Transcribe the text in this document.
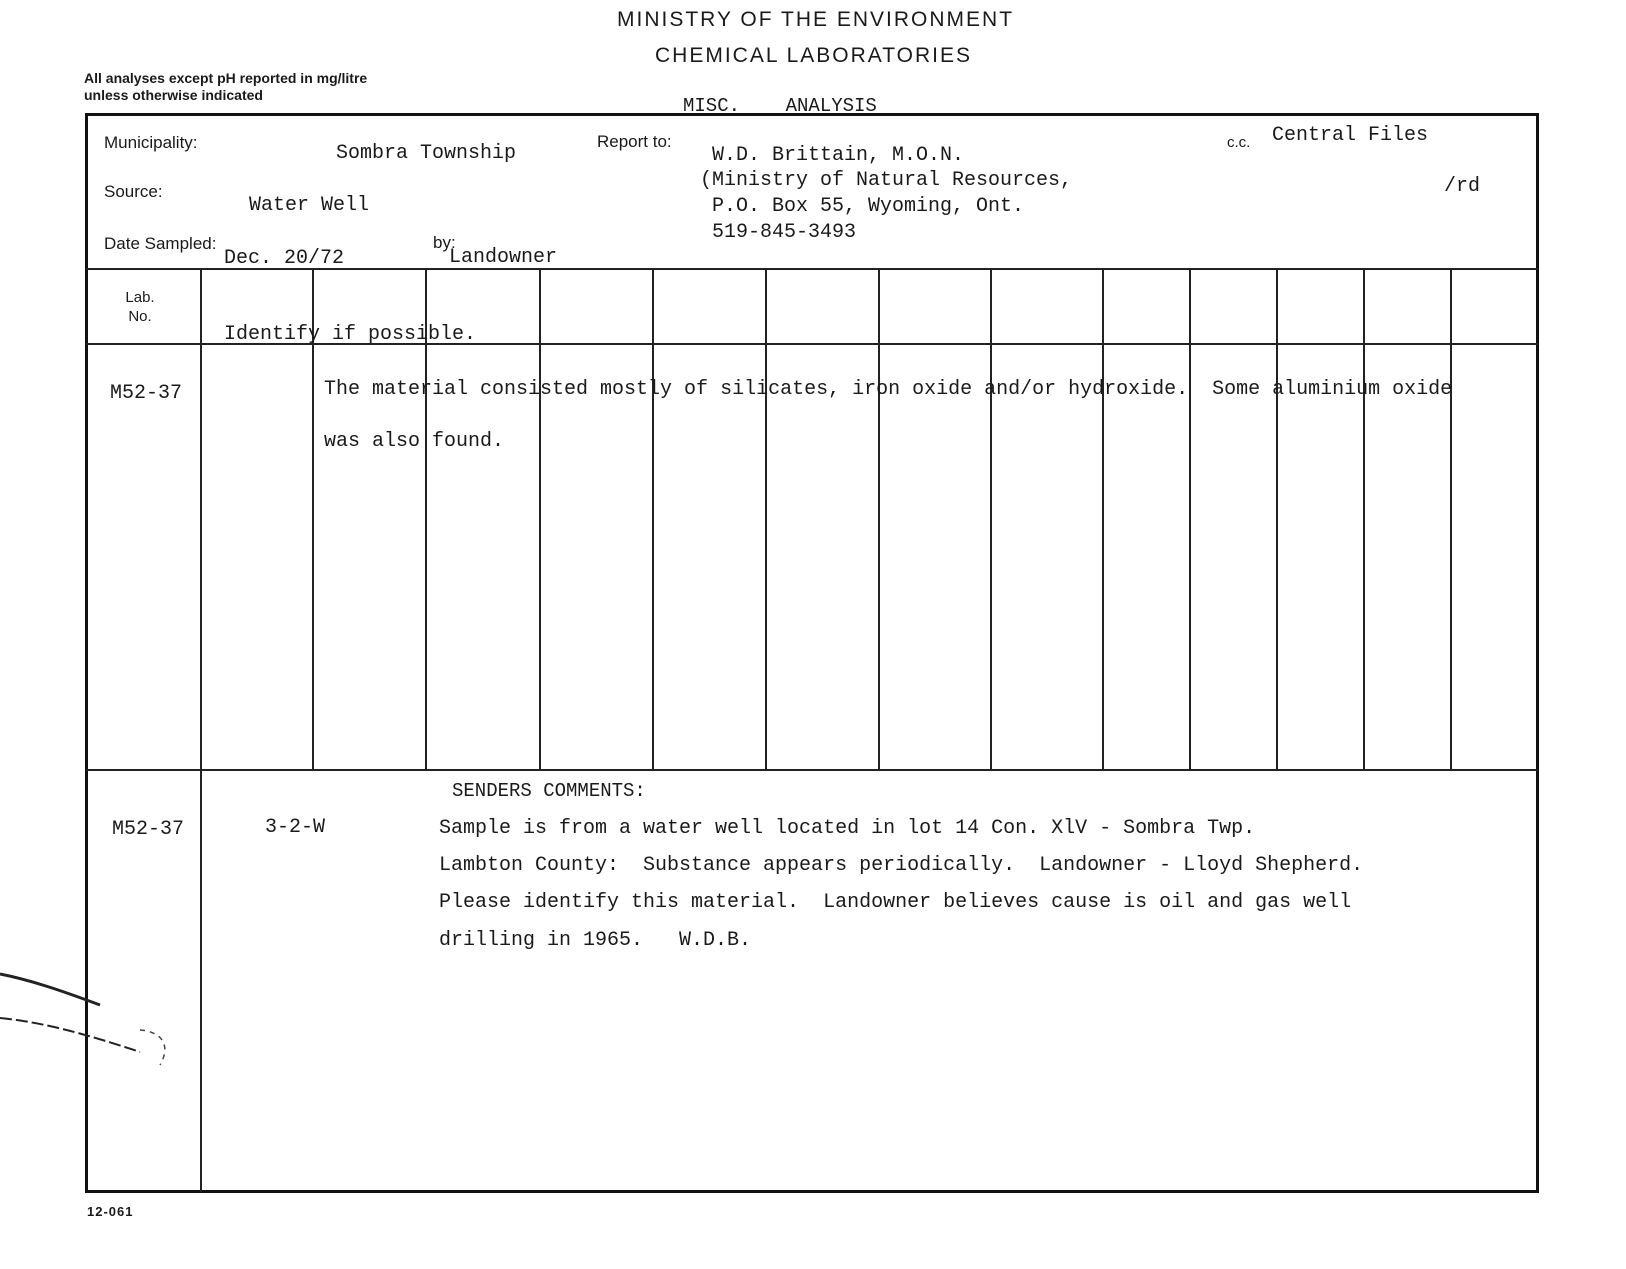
MINISTRY OF THE ENVIRONMENT
CHEMICAL LABORATORIES
All analyses except pH reported in mg/litre unless otherwise indicated	MISC.    ANALYSIS
Municipality:	Sombra Township
Source:
Water Well
Date Sampled:
Dec. 20/72
by:
Landowner
Report to:
W.D. Brittain, M.O.N.
(Ministry of Natural Resources,
P.O. Box 55, Wyoming, Ont.
519-845-3493
c.c. Central Files
/rd
Lab.
No.
Identify if possible.
M52-37	The material consisted mostly of silicates, iron oxide and/or hydroxide.  Some aluminium oxide
was also found.
M52-37	3-2-W
SENDERS COMMENTS:
Sample is from a water well located in lot 14 Con. XlV - Sombra Twp.
Lambton County:  Substance appears periodically.  Landowner - Lloyd Shepherd.
Please identify this material.  Landowner believes cause is oil and gas well
drilling in 1965.   W.D.B.
12-061
